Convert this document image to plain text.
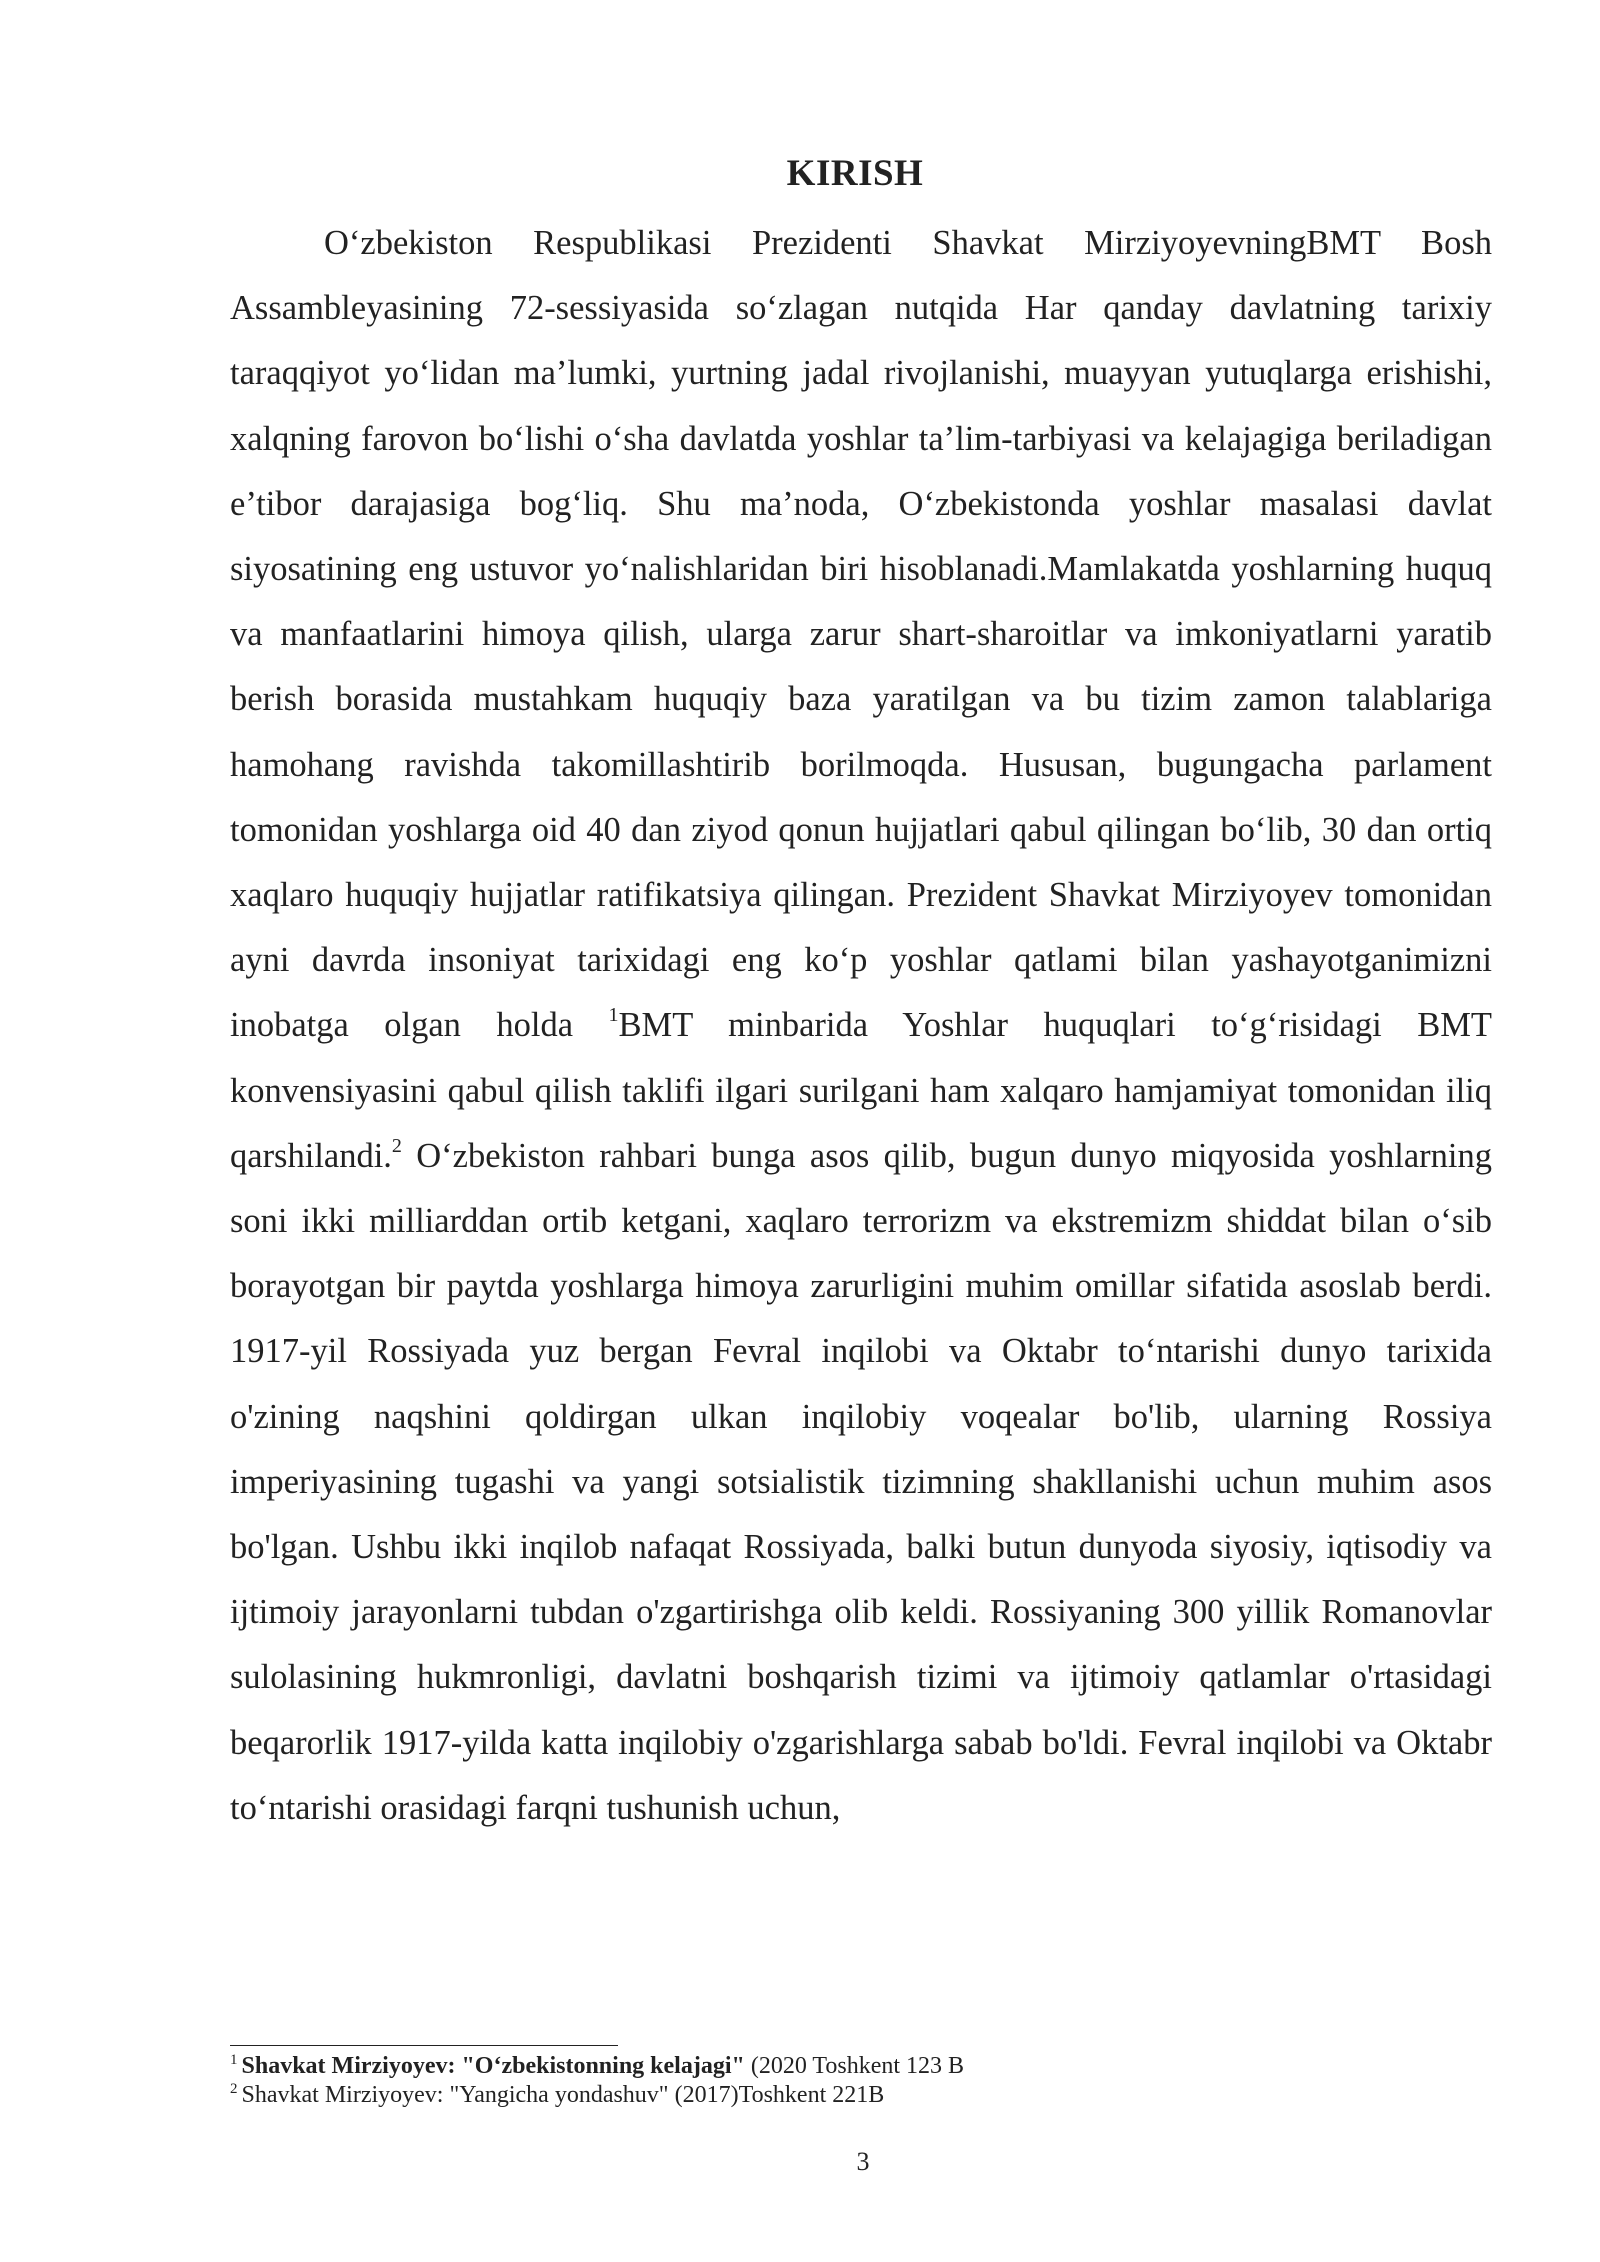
KIRISH

O‘zbekiston Respublikasi Prezidenti Shavkat MirziyoyevningBMT Bosh Assambleyasining 72-sessiyasida so‘zlagan nutqida Har qanday davlatning tarixiy taraqqiyot yo‘lidan ma’lumki, yurtning jadal rivojlanishi, muayyan yutuqlarga erishishi, xalqning farovon bo‘lishi o‘sha davlatda yoshlar ta’lim-tarbiyasi va kelajagiga beriladigan e’tibor darajasiga bog‘liq. Shu ma’noda, O‘zbekistonda yoshlar masalasi davlat siyosatining eng ustuvor yo‘nalishlaridan biri hisoblanadi.Mamlakatda yoshlarning huquq va manfaatlarini himoya qilish, ularga zarur shart-sharoitlar va imkoniyatlarni yaratib berish borasida mustahkam huquqiy baza yaratilgan va bu tizim zamon talablariga hamohang ravishda takomillashtirib borilmoqda. Hususan, bugungacha parlament tomonidan yoshlarga oid 40 dan ziyod qonun hujjatlari qabul qilingan bo‘lib, 30 dan ortiq xaqlaro huquqiy hujjatlar ratifikatsiya qilingan. Prezident Shavkat Mirziyoyev tomonidan ayni davrda insoniyat tarixidagi eng ko‘p yoshlar qatlami bilan yashayotganimizni inobatga olgan holda $^1$BMT minbarida Yoshlar huquqlari to‘g‘risidagi BMT konvensiyasini qabul qilish taklifi ilgari surilgani ham xalqaro hamjamiyat tomonidan iliq qarshilandi.$^2$ O‘zbekiston rahbari bunga asos qilib, bugun dunyo miqyosida yoshlarning soni ikki milliarddan ortib ketgani, xaqlaro terrorizm va ekstremizm shiddat bilan o‘sib borayotgan bir paytda yoshlarga himoya zarurligini muhim omillar sifatida asoslab berdi. 1917-yil Rossiyada yuz bergan Fevral inqilobi va Oktabr to‘ntarishi dunyo tarixida o'zining naqshini qoldirgan ulkan inqilobiy voqealar bo'lib, ularning Rossiya imperiyasining tugashi va yangi sotsialistik tizimning shakllanishi uchun muhim asos bo'lgan. Ushbu ikki inqilob nafaqat Rossiyada, balki butun dunyoda siyosiy, iqtisodiy va ijtimoiy jarayonlarni tubdan o'zgartirishga olib keldi. Rossiyaning 300 yillik Romanovlar sulolasining hukmronligi, davlatni boshqarish tizimi va ijtimoiy qatlamlar o'rtasidagi beqarorlik 1917-yilda katta inqilobiy o'zgarishlarga sabab bo'ldi. Fevral inqilobi va Oktabr to‘ntarishi orasidagi farqni tushunish uchun,

$^1$ Shavkat Mirziyoyev: "O‘zbekistonning kelajagi" (2020 Toshkent 123 B
$^2$ Shavkat Mirziyoyev: "Yangicha yondashuv" (2017)Toshkent 221B
3
